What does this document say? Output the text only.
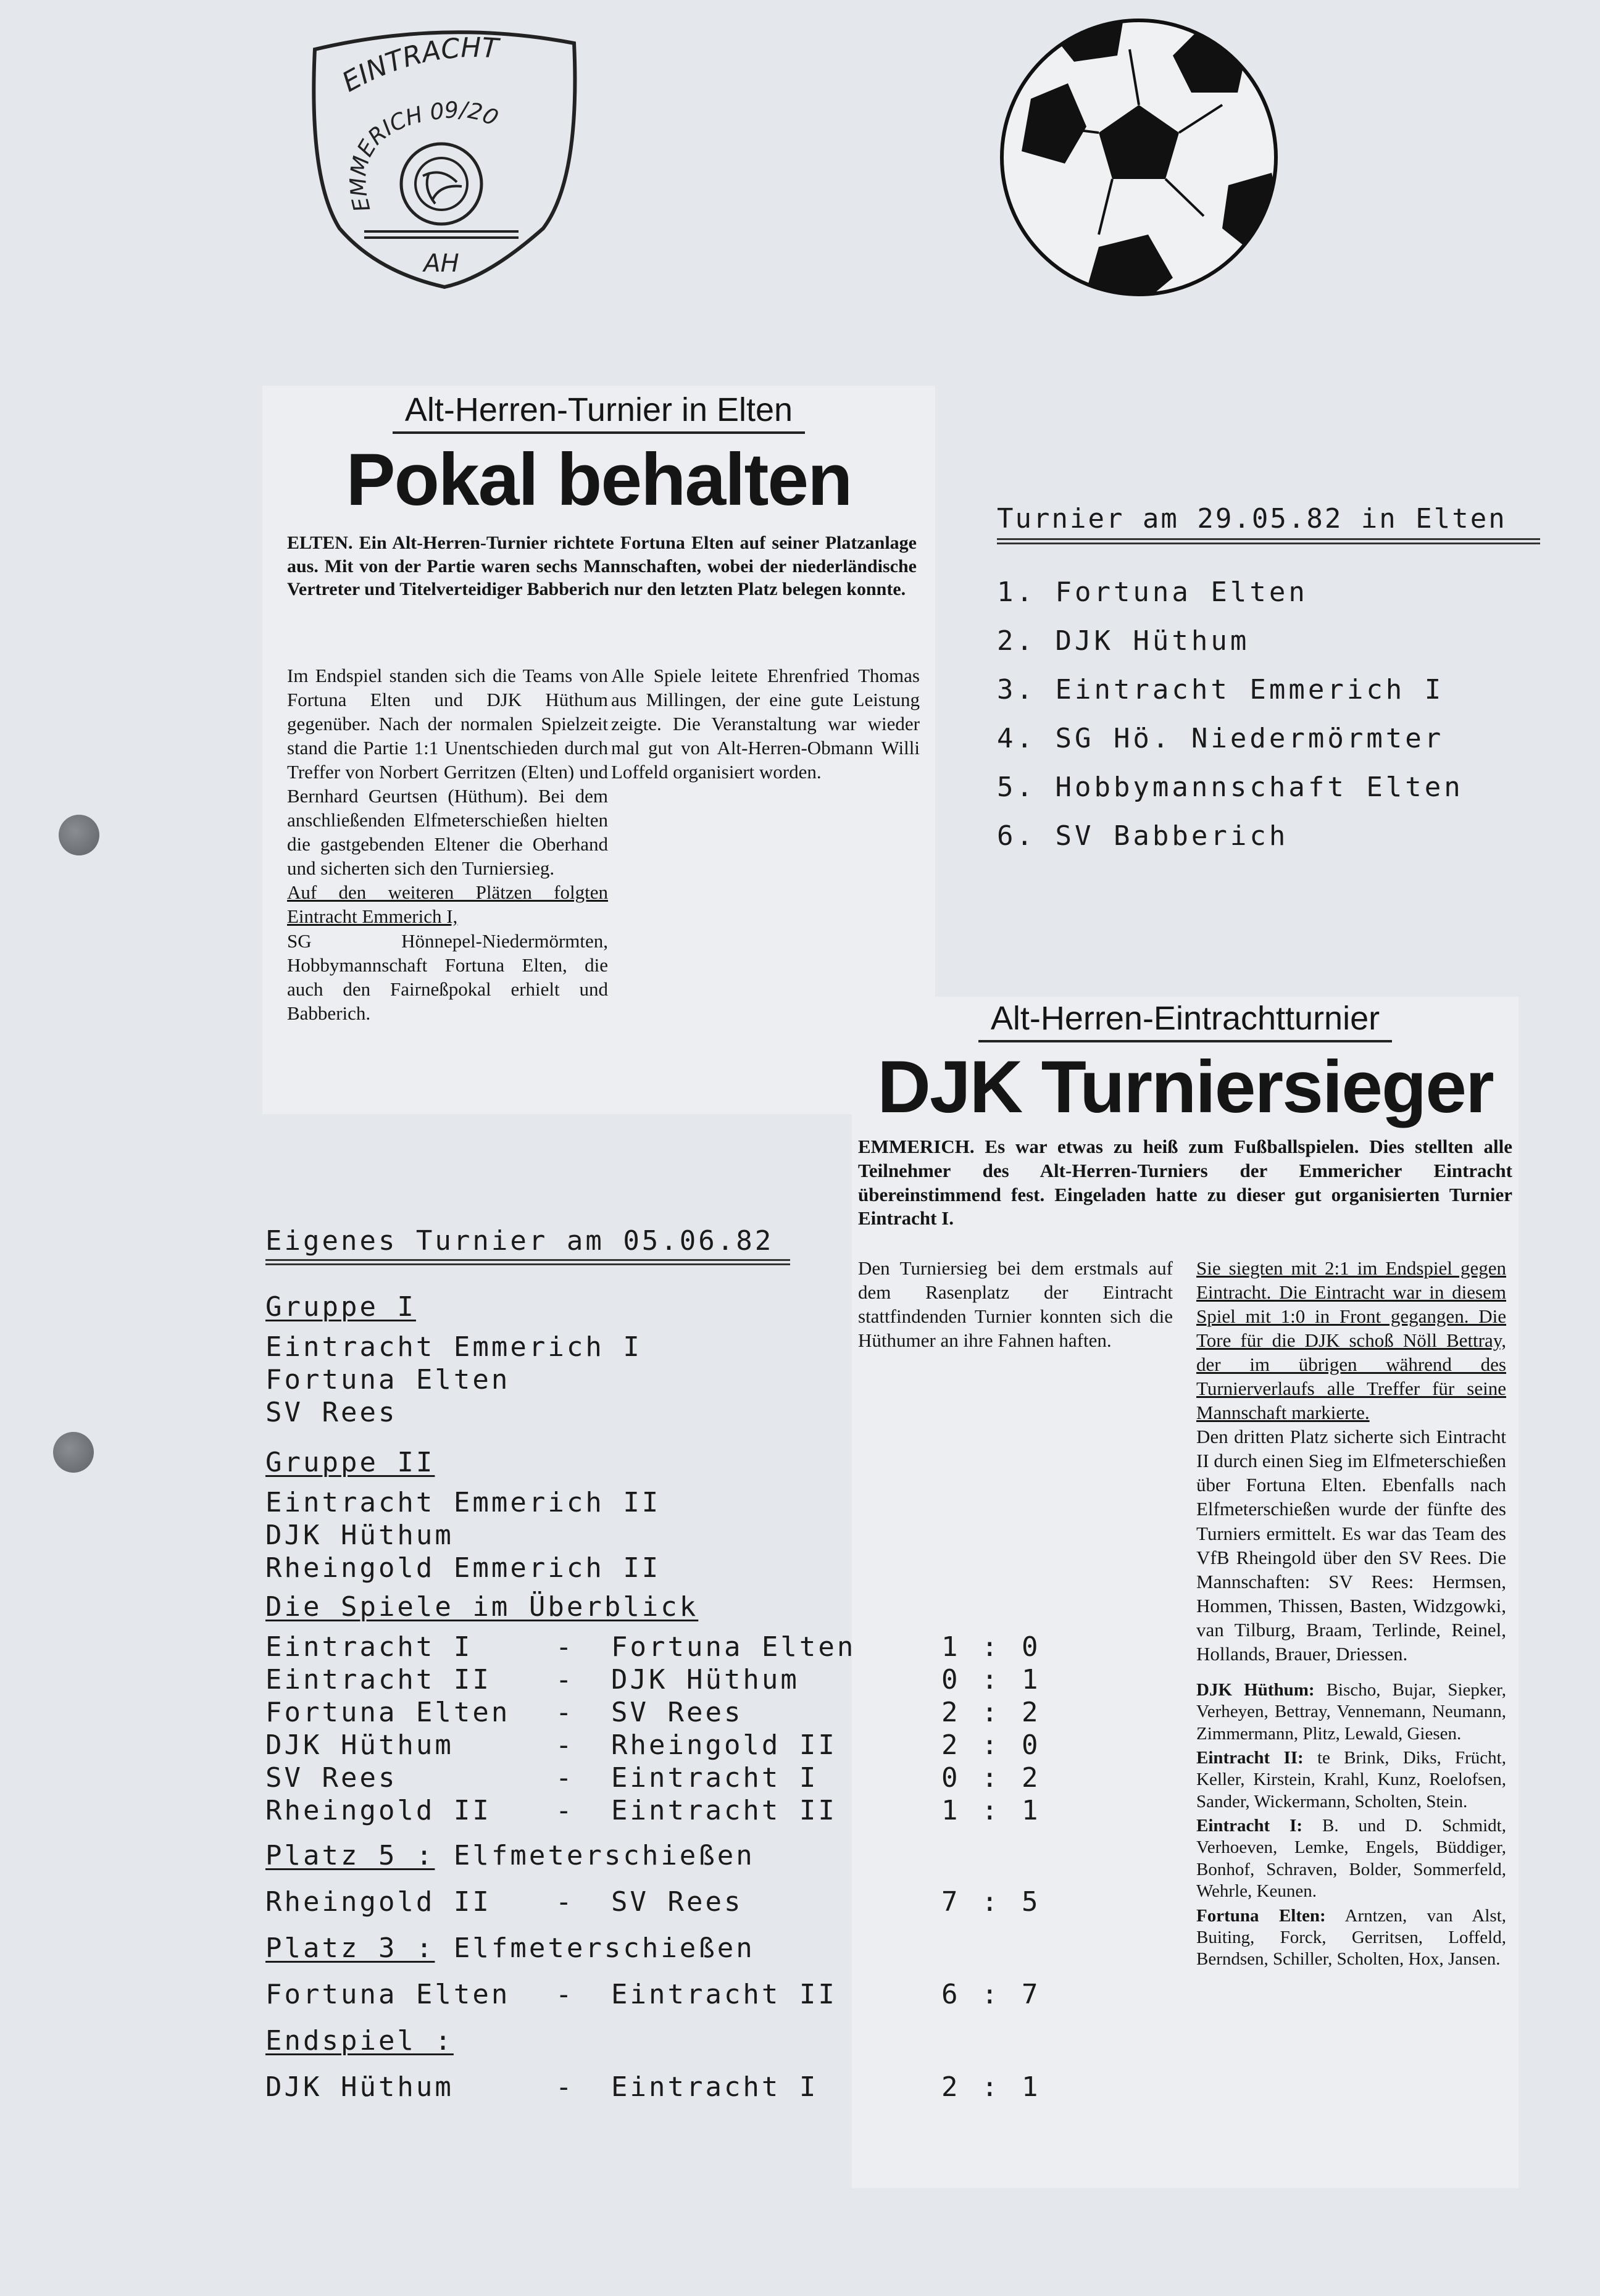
EINTRACHT
EMMERICH 09/20
AH
Alt-Herren-Turnier in Elten
Pokal behalten
ELTEN. Ein Alt-Herren-Turnier richtete Fortuna Elten auf seiner Platzanlage aus. Mit von der Partie waren sechs Mannschaften, wobei der niederländische Vertreter und Titelverteidiger Babberich nur den letzten Platz belegen konnte.
Im Endspiel standen sich die Teams von Fortuna Elten und DJK Hüthum gegenüber. Nach der normalen Spielzeit stand die Partie 1:1 Unentschieden durch Treffer von Norbert Gerritzen (Elten) und Bernhard Geurtsen (Hüthum). Bei dem anschließenden Elfmeterschießen hielten die gastgebenden Eltener die Oberhand und sicherten sich den Turniersieg.
Auf den weiteren Plätzen folgten Eintracht Emmerich I,
SG Hönnepel-Niedermörmten, Hobbymannschaft Fortuna Elten, die auch den Fairneßpokal erhielt und Babberich.
Alle Spiele leitete Ehrenfried Thomas aus Millingen, der eine gute Leistung zeigte. Die Veranstaltung war wieder mal gut von Alt-Herren-Obmann Willi Loffeld organisiert worden.
Turnier am 29.05.82 in Elten
1. Fortuna Elten
2. DJK Hüthum
3. Eintracht Emmerich I
4. SG Hö. Niedermörmter
5. Hobbymannschaft Elten
6. SV Babberich
Alt-Herren-Eintrachtturnier
DJK Turniersieger
EMMERICH. Es war etwas zu heiß zum Fußballspielen. Dies stellten alle Teilnehmer des Alt-Herren-Turniers der Emmericher Eintracht übereinstimmend fest. Eingeladen hatte zu dieser gut organisierten Turnier Eintracht I.
Den Turniersieg bei dem erstmals auf dem Rasenplatz der Eintracht stattfindenden Turnier konnten sich die Hüthumer an ihre Fahnen haften.
Sie siegten mit 2:1 im Endspiel gegen Eintracht. Die Eintracht war in diesem Spiel mit 1:0 in Front gegangen. Die Tore für die DJK schoß Nöll Bettray, der im übrigen während des Turnierverlaufs alle Treffer für seine Mannschaft markierte.
Den dritten Platz sicherte sich Eintracht II durch einen Sieg im Elfmeterschießen über Fortuna Elten. Ebenfalls nach Elfmeterschießen wurde der fünfte des Turniers ermittelt. Es war das Team des VfB Rheingold über den SV Rees. Die Mannschaften: SV Rees: Hermsen, Hommen, Thissen, Basten, Widzgowki, van Tilburg, Braam, Terlinde, Reinel, Hollands, Brauer, Driessen.

DJK Hüthum: Bischo, Bujar, Siepker, Verheyen, Bettray, Vennemann, Neumann, Zimmermann, Plitz, Lewald, Giesen.

Eintracht II: te Brink, Diks, Frücht, Keller, Kirstein, Krahl, Kunz, Roelofsen, Sander, Wickermann, Scholten, Stein.

Eintracht I: B. und D. Schmidt, Verhoeven, Lemke, Engels, Büddiger, Bonhof, Schraven, Bolder, Sommerfeld, Wehrle, Keunen.

Fortuna Elten: Arntzen, van Alst, Buiting, Forck, Gerritsen, Loffeld, Berndsen, Schiller, Scholten, Hox, Jansen.

Eigenes Turnier am 05.06.82
Gruppe I
Eintracht Emmerich I
Fortuna Elten
SV Rees
Gruppe II
Eintracht Emmerich II
DJK Hüthum
Rheingold Emmerich II
Die Spiele im Überblick

Eintracht I	- Fortuna Elten	1 : 0

Eintracht II - DJK Hüthum	0 : 1

Fortuna Elten - SV Rees	2 : 2

DJK Hüthum	- Rheingold II	2 : 0

SV Rees	- Eintracht I	0 : 2

Rheingold II - Eintracht II	1 : 1

Platz 5 : Elfmeterschießen

Rheingold II - SV Rees	7 : 5

Platz 3 : Elfmeterschießen

Fortuna Elten - Eintracht II	6 : 7

Endspiel :

DJK Hüthum	- Eintracht I	2 : 1
